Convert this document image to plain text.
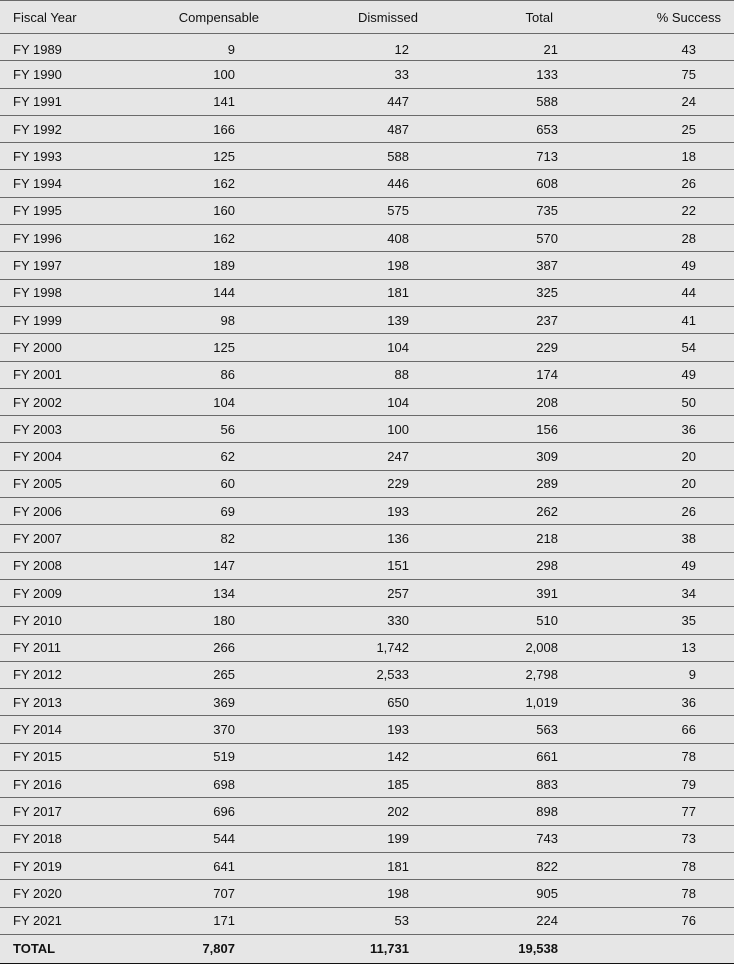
Fiscal Year	Compensable	Dismissed	Total	% Success
FY 1989	9	12	21	43
FY 1990	100	33	133	75
FY 1991	141	447	588	24
FY 1992	166	487	653	25
FY 1993	125	588	713	18
FY 1994	162	446	608	26
FY 1995	160	575	735	22
FY 1996	162	408	570	28
FY 1997	189	198	387	49
FY 1998	144	181	325	44
FY 1999	98	139	237	41
FY 2000	125	104	229	54
FY 2001	86	88	174	49
FY 2002	104	104	208	50
FY 2003	56	100	156	36
FY 2004	62	247	309	20
FY 2005	60	229	289	20
FY 2006	69	193	262	26
FY 2007	82	136	218	38
FY 2008	147	151	298	49
FY 2009	134	257	391	34
FY 2010	180	330	510	35
FY 2011	266	1,742	2,008	13
FY 2012	265	2,533	2,798	9
FY 2013	369	650	1,019	36
FY 2014	370	193	563	66
FY 2015	519	142	661	78
FY 2016	698	185	883	79
FY 2017	696	202	898	77
FY 2018	544	199	743	73
FY 2019	641	181	822	78
FY 2020	707	198	905	78
FY 2021	171	53	224	76
TOTAL	7,807	11,731	19,538	
